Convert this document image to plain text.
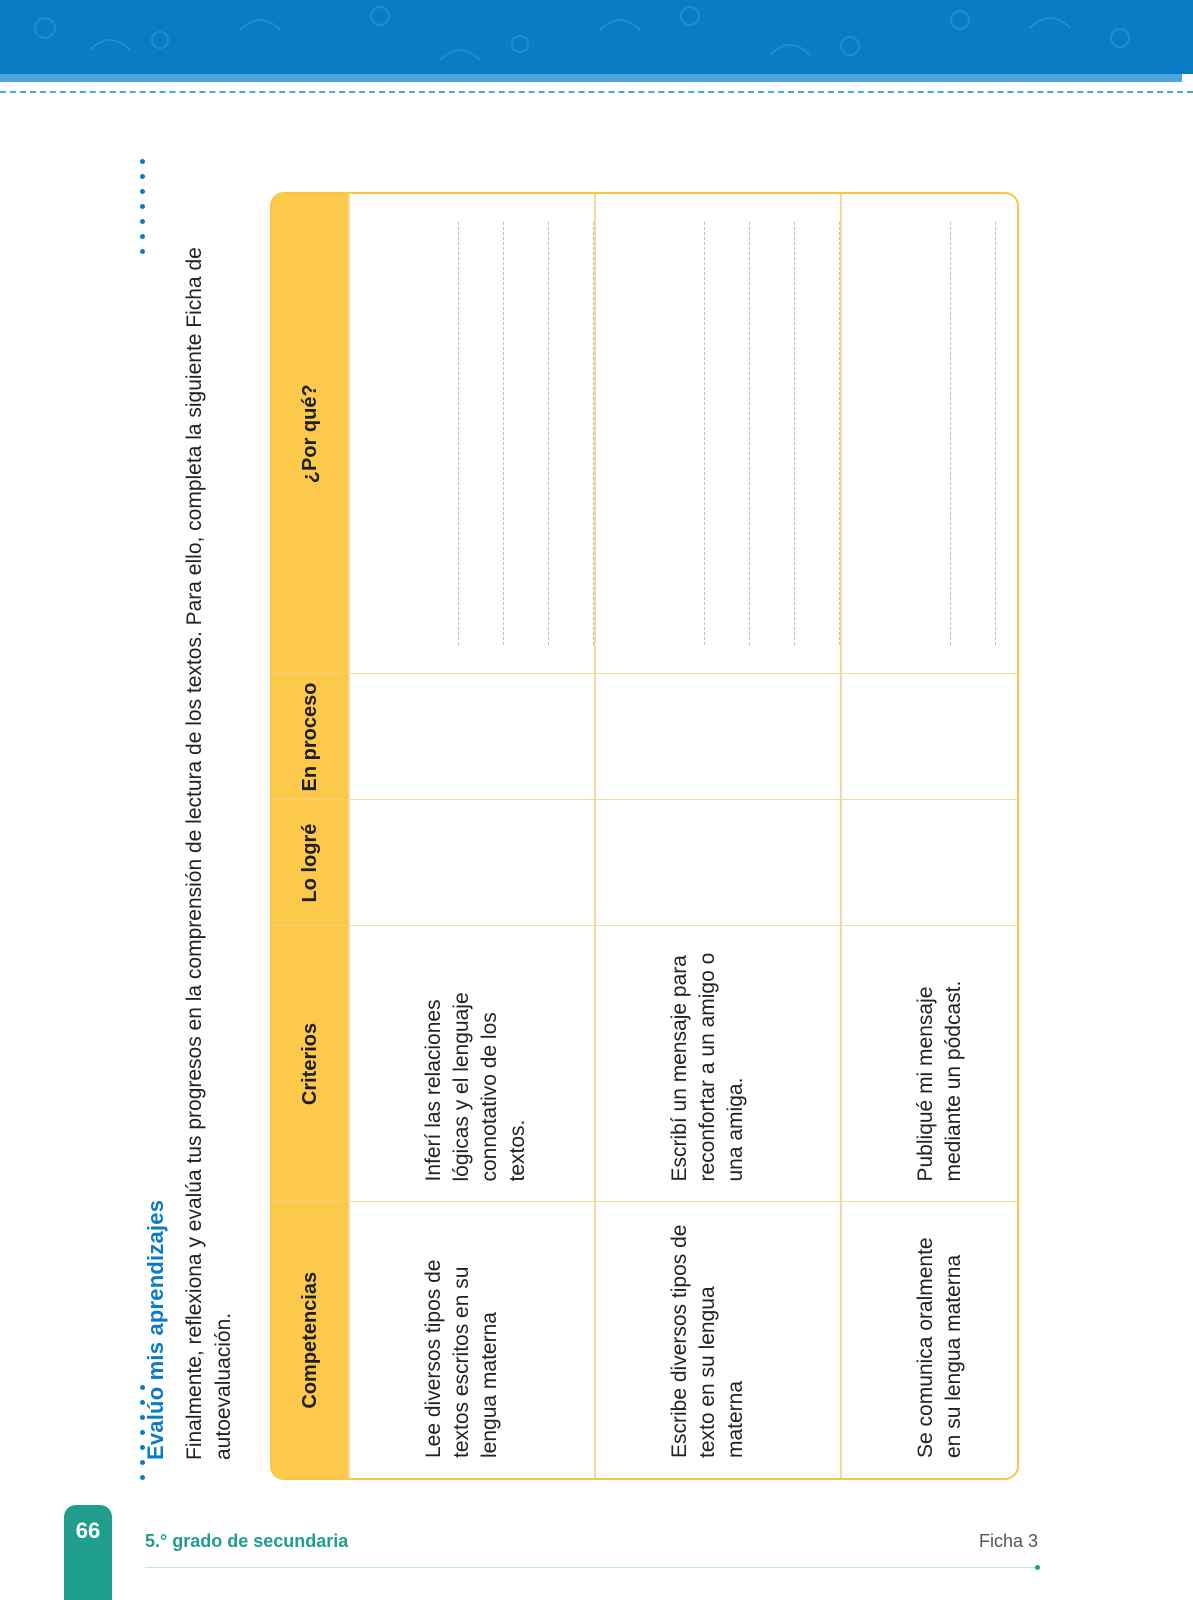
Evalúo mis aprendizajes Finalmente, reflexiona y evalúa tus progresos en la comprensión de lectura de los textos. Para ello, completa la siguiente Ficha de autoevaluación.	Competencias	Criterios	Lo logré	En proceso	¿Por qué?

Lee diversos tipos de textos escritos en su lengua materna	Inferí las relaciones lógicas y el lenguaje connotativo de los textos.			

Escribe diversos tipos de texto en su lengua materna	Escribí un mensaje para reconfortar a un amigo o una amiga.			

Se comunica oralmente en su lengua materna	Publiqué mi mensaje mediante un pódcast.			

66	5.° grado de secundaria	Ficha 3
